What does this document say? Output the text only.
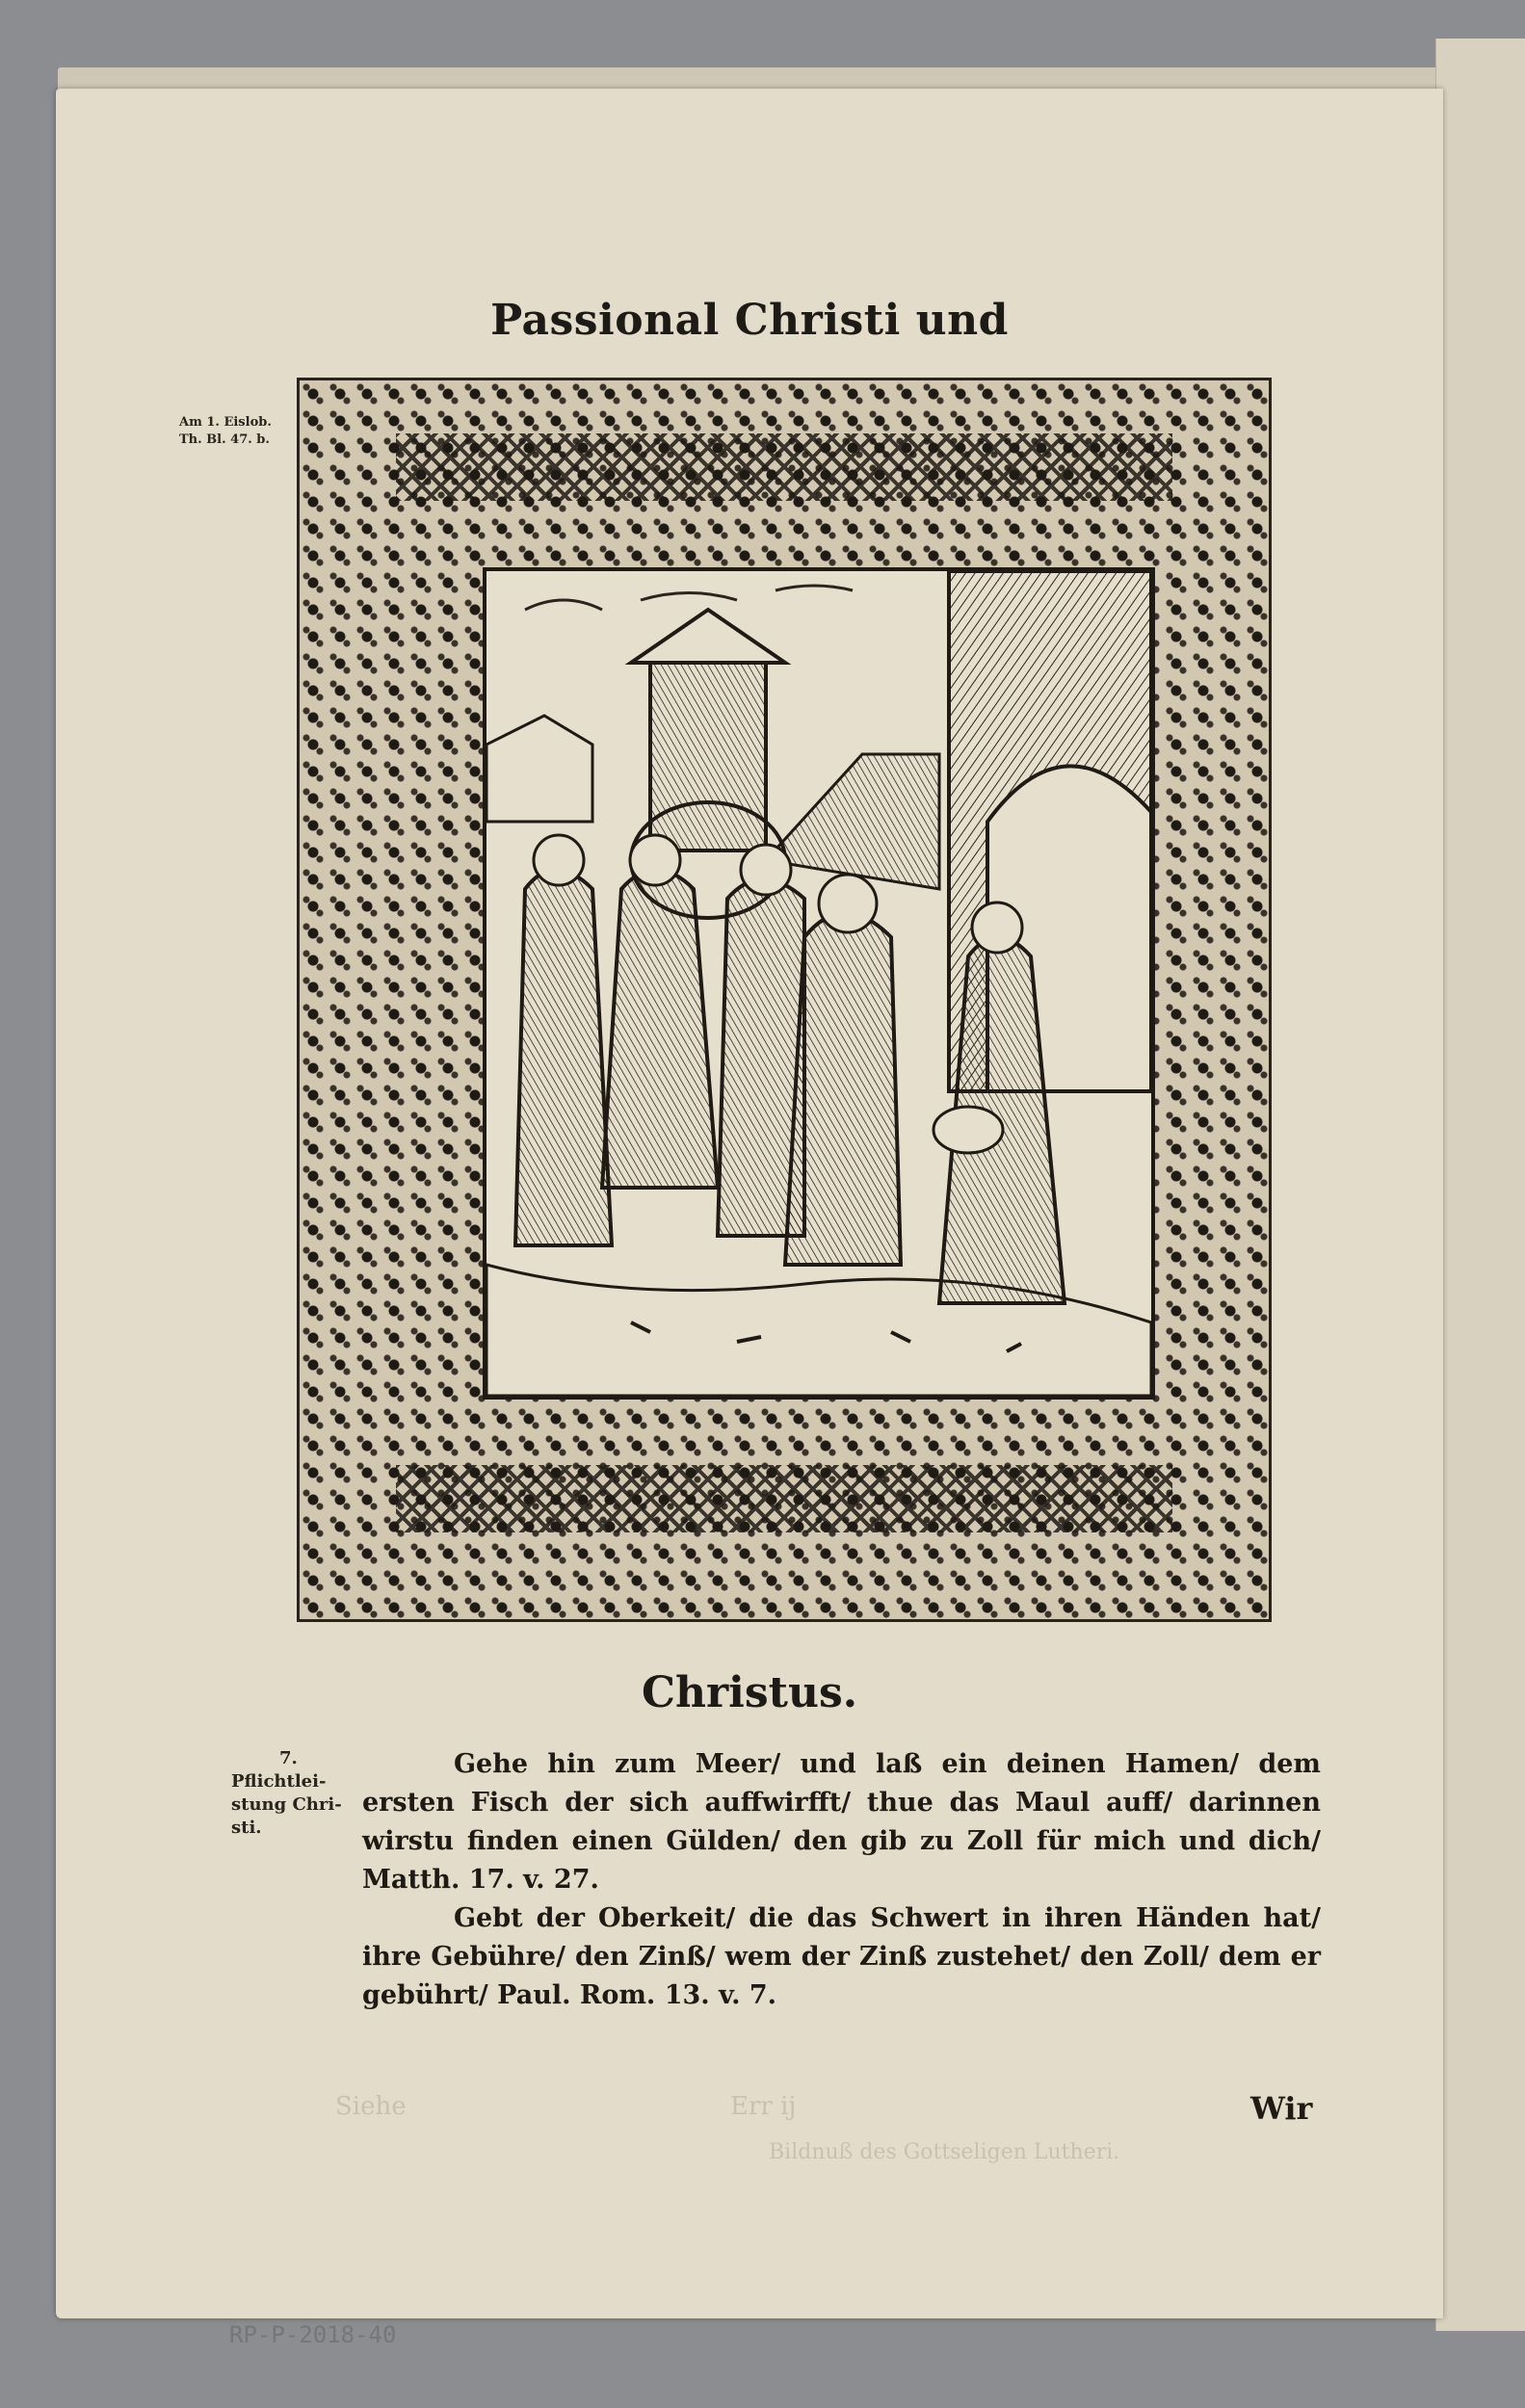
Passional Christi und
Am 1. Eislob.
Th. Bl. 47. b.
Christus.
7.
Pflichtlei-
stung Chri-
sti.

Gehe hin zum Meer/ und laß ein deinen Hamen/ dem ersten Fisch der sich auffwirfft/ thue das Maul auff/ darinnen wirstu finden einen Gülden/ den gib zu Zoll für mich und dich/ Matth. 17. v. 27.

Gebt der Oberkeit/ die das Schwert in ihren Händen hat/ ihre Gebühre/ den Zinß/ wem der Zinß zustehet/ den Zoll/ dem er gebührt/ Paul. Rom. 13. v. 7.

Wir
Siehe	Err ij
Bildnuß des Gottseligen Lutheri.
RP-P-2018-40
